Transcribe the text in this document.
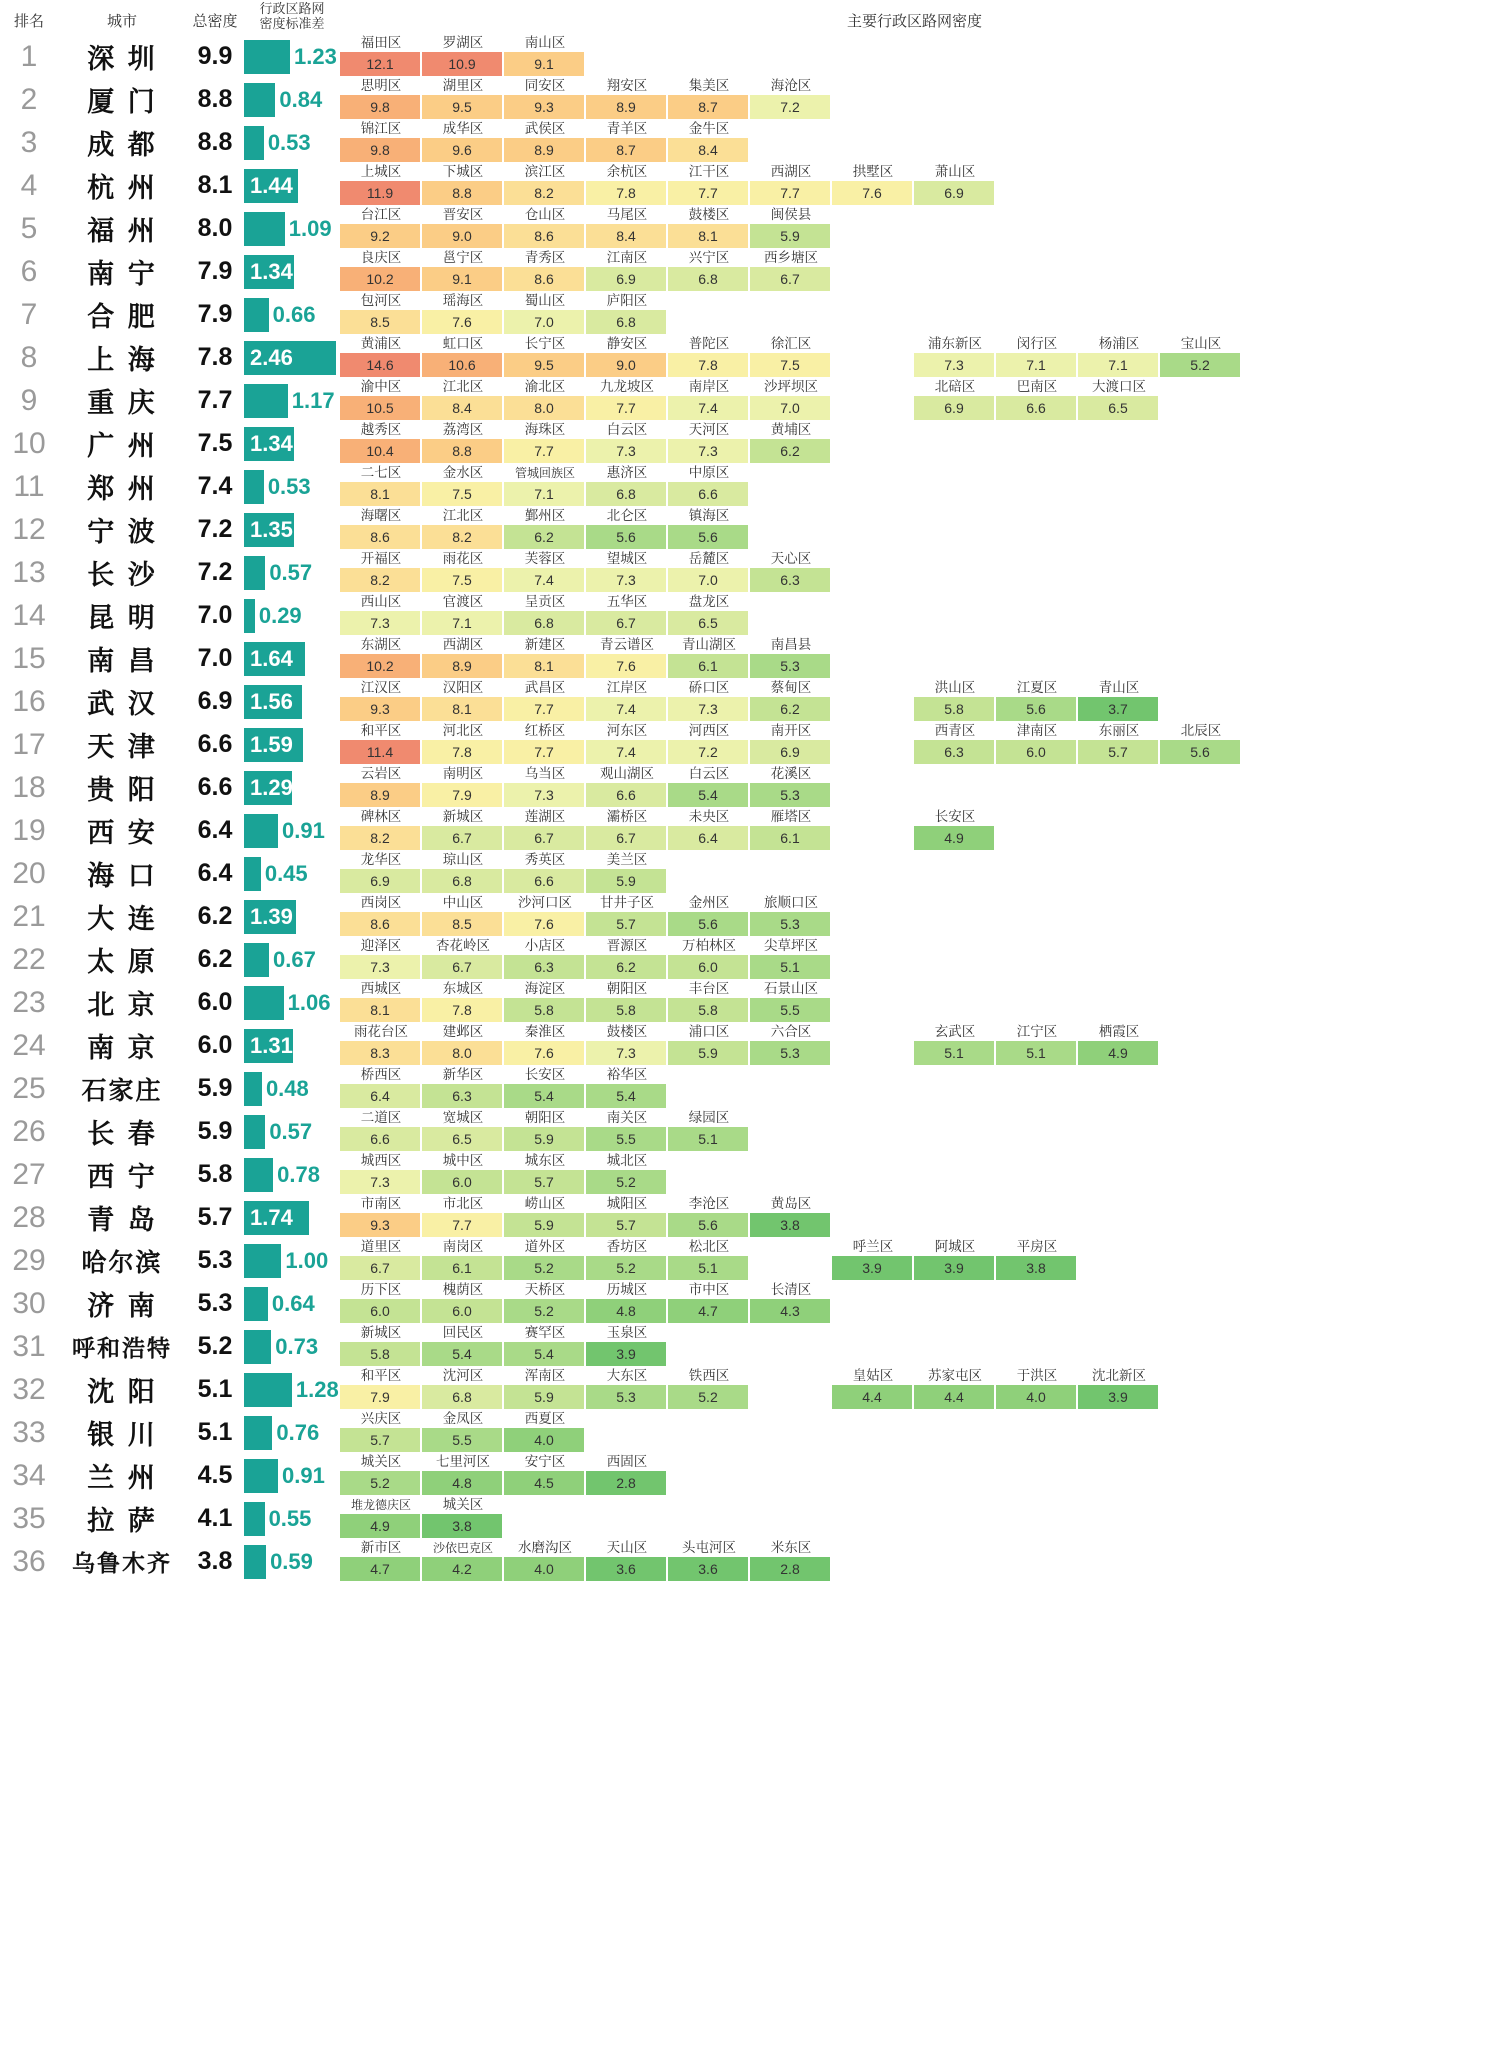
排名	城市	总密度	行政区路网
密度标准差	主要行政区路网密度
1	深 圳	9.9	1.23

福田区	罗湖区	南山区
12.1	10.9	9.1

2	厦 门	8.8	0.84

思明区	湖里区	同安区	翔安区	集美区	海沧区
9.8	9.5	9.3	8.9	8.7	7.2

3	成 都	8.8	0.53

锦江区	成华区	武侯区	青羊区	金牛区
9.8	9.6	8.9	8.7	8.4

4	杭 州	8.1	1.44

上城区	下城区	滨江区	余杭区	江干区	西湖区	拱墅区	萧山区
11.9	8.8	8.2	7.8	7.7	7.7	7.6	6.9

5	福 州	8.0	1.09

台江区	晋安区	仓山区	马尾区	鼓楼区	闽侯县
9.2	9.0	8.6	8.4	8.1	5.9

6	南 宁	7.9	1.34

良庆区	邕宁区	青秀区	江南区	兴宁区	西乡塘区
10.2	9.1	8.6	6.9	6.8	6.7

7	合 肥	7.9	0.66

包河区	瑶海区	蜀山区	庐阳区
8.5	7.6	7.0	6.8

8	上 海	7.8	2.46

黄浦区	虹口区	长宁区	静安区	普陀区	徐汇区	浦东新区	闵行区	杨浦区	宝山区
14.6	10.6	9.5	9.0	7.8	7.5	7.3	7.1	7.1	5.2

9	重 庆	7.7	1.17

渝中区	江北区	渝北区	九龙坡区	南岸区	沙坪坝区	北碚区	巴南区	大渡口区
10.5	8.4	8.0	7.7	7.4	7.0	6.9	6.6	6.5

10	广 州	7.5	1.34

越秀区	荔湾区	海珠区	白云区	天河区	黄埔区
10.4	8.8	7.7	7.3	7.3	6.2

11	郑 州	7.4	0.53

二七区	金水区	管城回族区	惠济区	中原区
8.1	7.5	7.1	6.8	6.6

12	宁 波	7.2	1.35

海曙区	江北区	鄞州区	北仑区	镇海区
8.6	8.2	6.2	5.6	5.6

13	长 沙	7.2	0.57

开福区	雨花区	芙蓉区	望城区	岳麓区	天心区
8.2	7.5	7.4	7.3	7.0	6.3

14	昆 明	7.0	0.29

西山区	官渡区	呈贡区	五华区	盘龙区
7.3	7.1	6.8	6.7	6.5

15	南 昌	7.0	1.64

东湖区	西湖区	新建区	青云谱区	青山湖区	南昌县
10.2	8.9	8.1	7.6	6.1	5.3

16	武 汉	6.9	1.56

江汉区	汉阳区	武昌区	江岸区	硚口区	蔡甸区	洪山区	江夏区	青山区
9.3	8.1	7.7	7.4	7.3	6.2	5.8	5.6	3.7

17	天 津	6.6	1.59

和平区	河北区	红桥区	河东区	河西区	南开区	西青区	津南区	东丽区	北辰区
11.4	7.8	7.7	7.4	7.2	6.9	6.3	6.0	5.7	5.6

18	贵 阳	6.6	1.29

云岩区	南明区	乌当区	观山湖区	白云区	花溪区
8.9	7.9	7.3	6.6	5.4	5.3

19	西 安	6.4	0.91

碑林区	新城区	莲湖区	灞桥区	未央区	雁塔区	长安区
8.2	6.7	6.7	6.7	6.4	6.1	4.9

20	海 口	6.4	0.45

龙华区	琼山区	秀英区	美兰区
6.9	6.8	6.6	5.9

21	大 连	6.2	1.39

西岗区	中山区	沙河口区	甘井子区	金州区	旅顺口区
8.6	8.5	7.6	5.7	5.6	5.3

22	太 原	6.2	0.67

迎泽区	杏花岭区	小店区	晋源区	万柏林区	尖草坪区
7.3	6.7	6.3	6.2	6.0	5.1

23	北 京	6.0	1.06

西城区	东城区	海淀区	朝阳区	丰台区	石景山区
8.1	7.8	5.8	5.8	5.8	5.5

24	南 京	6.0	1.31

雨花台区	建邺区	秦淮区	鼓楼区	浦口区	六合区	玄武区	江宁区	栖霞区
8.3	8.0	7.6	7.3	5.9	5.3	5.1	5.1	4.9

25	石家庄	5.9	0.48

桥西区	新华区	长安区	裕华区
6.4	6.3	5.4	5.4

26	长 春	5.9	0.57

二道区	宽城区	朝阳区	南关区	绿园区
6.6	6.5	5.9	5.5	5.1

27	西 宁	5.8	0.78

城西区	城中区	城东区	城北区
7.3	6.0	5.7	5.2

28	青 岛	5.7	1.74

市南区	市北区	崂山区	城阳区	李沧区	黄岛区
9.3	7.7	5.9	5.7	5.6	3.8

29	哈尔滨	5.3	1.00

道里区	南岗区	道外区	香坊区	松北区	呼兰区	阿城区	平房区
6.7	6.1	5.2	5.2	5.1	3.9	3.9	3.8

30	济 南	5.3	0.64

历下区	槐荫区	天桥区	历城区	市中区	长清区
6.0	6.0	5.2	4.8	4.7	4.3

31	呼和浩特	5.2	0.73

新城区	回民区	赛罕区	玉泉区
5.8	5.4	5.4	3.9

32	沈 阳	5.1	1.28

和平区	沈河区	浑南区	大东区	铁西区	皇姑区	苏家屯区	于洪区	沈北新区
7.9	6.8	5.9	5.3	5.2	4.4	4.4	4.0	3.9

33	银 川	5.1	0.76

兴庆区	金凤区	西夏区
5.7	5.5	4.0

34	兰 州	4.5	0.91

城关区	七里河区	安宁区	西固区
5.2	4.8	4.5	2.8

35	拉 萨	4.1	0.55	堆龙德庆区 城关区
4.9 3.8

36	乌鲁木齐	3.8	0.59

新市区	沙依巴克区	水磨沟区	天山区	头屯河区	米东区
4.7	4.2	4.0	3.6	3.6	2.8
